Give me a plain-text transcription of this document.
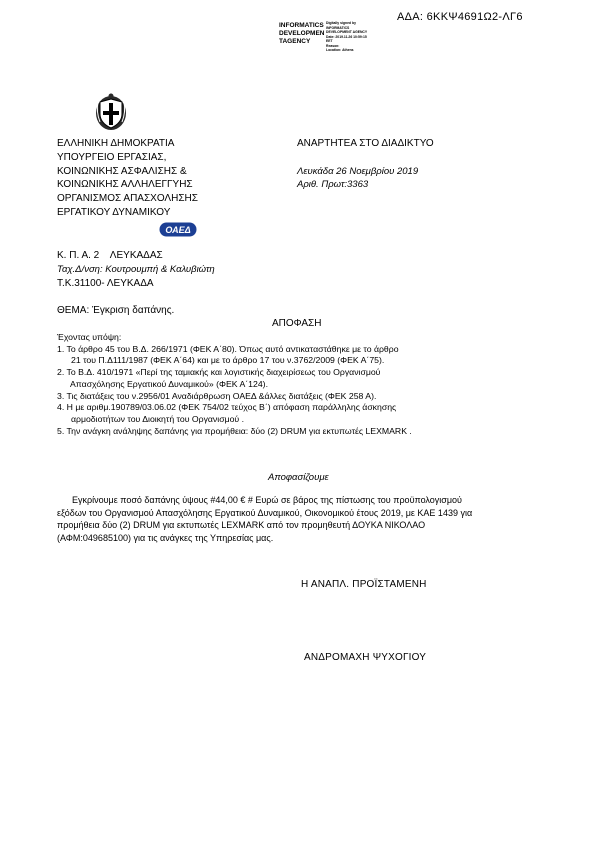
ΑΔΑ: 6ΚΚΨ4691Ω2-ΛΓ6
INFORMATICS
DEVELOPMEN
TAGENCY
Digitally signed by
INFORMATICS
DEVELOPMENT AGENCY
Date: 2019.11.26 10:59:15
EET
Reason:
Location: Athens
ΕΛΛΗΝΙΚΗ ΔΗΜΟΚΡΑΤΙΑ
ΥΠΟΥΡΓΕΙΟ ΕΡΓΑΣΙΑΣ,
ΚΟΙΝΩΝΙΚΗΣ ΑΣΦΑΛΙΣΗΣ &
ΚΟΙΝΩΝΙΚΗΣ ΑΛΛΗΛΕΓΓΥΗΣ
ΟΡΓΑΝΙΣΜΟΣ ΑΠΑΣΧΟΛΗΣΗΣ
ΕΡΓΑΤΙΚΟΥ ΔΥΝΑΜΙΚΟΥ
ΑΝΑΡΤΗΤΕΑ ΣΤΟ ΔΙΑΔΙΚΤΥΟ
Λευκάδα 26 Νοεμβρίου 2019
Αριθ. Πρωτ:3363
ΟΑΕΔ
Κ. Π. Α. 2    ΛΕΥΚΑΔΑΣ
Ταχ.Δ/νση: Κουτρουμπή & Καλυβιώτη
Τ.Κ.31100- ΛΕΥΚΑΔΑ
ΘΕΜΑ: Έγκριση δαπάνης.
ΑΠΟΦΑΣΗ
Έχοντας υπόψη:
1. Το άρθρο 45 του Β.Δ. 266/1971 (ΦΕΚ Α΄80). Όπως αυτό αντικαταστάθηκε με το άρθρο
21 του Π.Δ111/1987 (ΦΕΚ Α΄64) και με το άρθρο 17 του ν.3762/2009 (ΦΕΚ Α΄75).
2. Το Β.Δ. 410/1971 «Περί της ταμιακής και λογιστικής διαχειρίσεως του Οργανισμού
Απασχόλησης Εργατικού Δυναμικού» (ΦΕΚ Α΄124).
3. Τις διατάξεις του ν.2956/01 Αναδιάρθρωση ΟΑΕΔ &άλλες διατάξεις (ΦΕΚ 258 Α).
4. Η με αριθμ.190789/03.06.02 (ΦΕΚ 754/02 τεύχος Β΄) απόφαση παράλληλης άσκησης
αρμοδιοτήτων του Διοικητή του Οργανισμού .
5. Την ανάγκη ανάληψης δαπάνης για προμήθεια: δύο (2) DRUM για εκτυπωτές LEXMARK .
Αποφασίζουμε
Εγκρίνουμε ποσό δαπάνης ύψους #44,00 € # Ευρώ σε βάρος της πίστωσης του προϋπολογισμού
εξόδων του Οργανισμού Απασχόλησης Εργατικού Δυναμικού, Οικονομικού έτους 2019, με ΚΑΕ 1439 για
προμήθεια δύο (2) DRUM για εκτυπωτές LEXMARK από τον προμηθευτή ΔΟΥΚΑ ΝΙΚΟΛΑΟ
(ΑΦΜ:049685100) για τις ανάγκες της Υπηρεσίας μας.
Η ΑΝΑΠΛ. ΠΡΟΪΣΤΑΜΕΝΗ
ΑΝΔΡΟΜΑΧΗ ΨΥΧΟΓΙΟΥ
